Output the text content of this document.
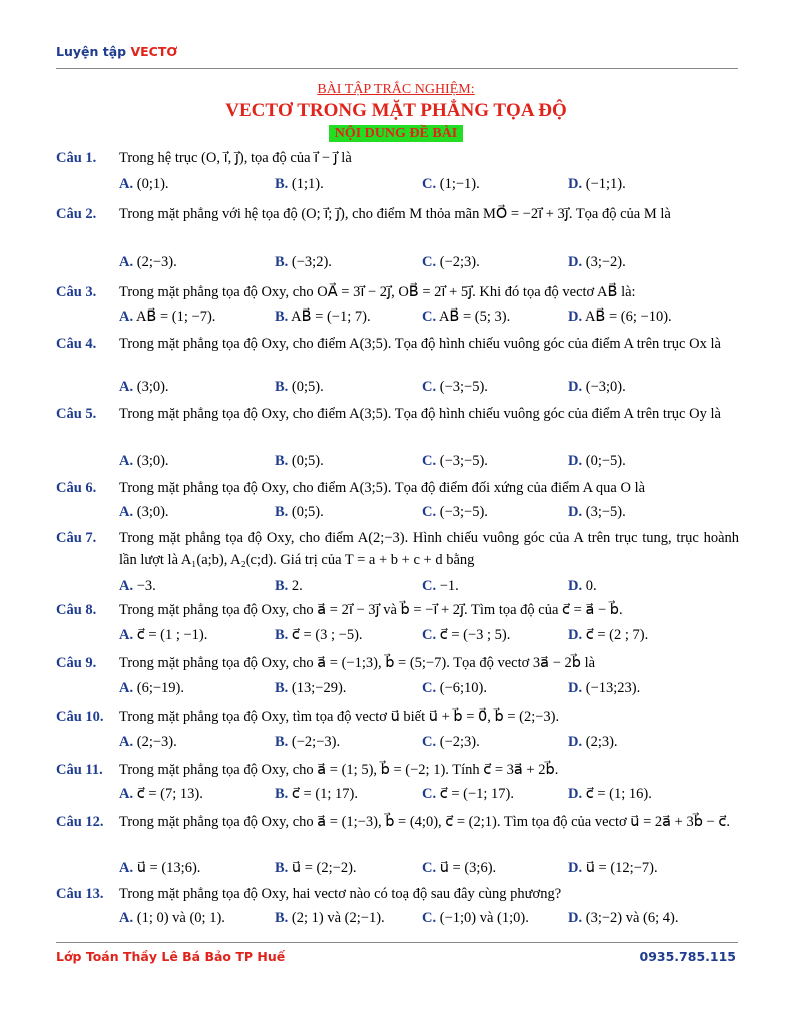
Luyện tập VECTƠ
BÀI TẬP TRẮC NGHIỆM:
VECTƠ TRONG MẶT PHẲNG TỌA ĐỘ
NỘI DUNG ĐỀ BÀI
Câu 1. Trong hệ trục (O, i⃗, j⃗), tọa độ của i⃗ − j⃗ là
A. (0;1).	B. (1;1).	C. (1;−1).	D. (−1;1).
Câu 2. Trong mặt phẳng với hệ tọa độ (O; i⃗; j⃗), cho điểm M thỏa mãn MO⃗ = −2i⃗ + 3j⃗. Tọa độ của M là
A. (2;−3).	B. (−3;2).	C. (−2;3).	D. (3;−2).
Câu 3. Trong mặt phẳng tọa độ Oxy, cho OA⃗ = 3i⃗ − 2j⃗, OB⃗ = 2i⃗ + 5j⃗. Khi đó tọa độ vectơ AB⃗ là:
A. AB⃗ = (1; −7).	B. AB⃗ = (−1; 7).	C. AB⃗ = (5; 3).	D. AB⃗ = (6; −10).
Câu 4. Trong mặt phẳng tọa độ Oxy, cho điểm A(3;5). Tọa độ hình chiếu vuông góc của điểm A trên trục Ox là
A. (3;0).	B. (0;5).	C. (−3;−5).	D. (−3;0).
Câu 5. Trong mặt phẳng tọa độ Oxy, cho điểm A(3;5). Tọa độ hình chiếu vuông góc của điểm A trên trục Oy là
A. (3;0).	B. (0;5).	C. (−3;−5).	D. (0;−5).
Câu 6. Trong mặt phẳng tọa độ Oxy, cho điểm A(3;5). Tọa độ điểm đối xứng của điểm A qua O là
A. (3;0).	B. (0;5).	C. (−3;−5).	D. (3;−5).
Câu 7. Trong mặt phẳng tọa độ Oxy, cho điểm A(2;−3). Hình chiếu vuông góc của A trên trục tung, trục hoành lần lượt là A₁(a;b), A₂(c;d). Giá trị của T = a + b + c + d bằng
A. −3.	B. 2.	C. −1.	D. 0.
Câu 8. Trong mặt phẳng tọa độ Oxy, cho a⃗ = 2i⃗ − 3j⃗ và b⃗ = −i⃗ + 2j⃗. Tìm tọa độ của c⃗ = a⃗ − b⃗.
A. c⃗ = (1 ; −1).	B. c⃗ = (3 ; −5).	C. c⃗ = (−3 ; 5).	D. c⃗ = (2 ; 7).
Câu 9. Trong mặt phẳng tọa độ Oxy, cho a⃗ = (−1;3), b⃗ = (5;−7). Tọa độ vectơ 3a⃗ − 2b⃗ là
A. (6;−19).	B. (13;−29).	C. (−6;10).	D. (−13;23).
Câu 10. Trong mặt phẳng tọa độ Oxy, tìm tọa độ vectơ u⃗ biết u⃗ + b⃗ = 0⃗, b⃗ = (2;−3).
A. (2;−3).	B. (−2;−3).	C. (−2;3).	D. (2;3).
Câu 11. Trong mặt phẳng tọa độ Oxy, cho a⃗ = (1; 5), b⃗ = (−2; 1). Tính c⃗ = 3a⃗ + 2b⃗.
A. c⃗ = (7; 13).	B. c⃗ = (1; 17).	C. c⃗ = (−1; 17).	D. c⃗ = (1; 16).
Câu 12. Trong mặt phẳng tọa độ Oxy, cho a⃗ = (1;−3), b⃗ = (4;0), c⃗ = (2;1). Tìm tọa độ của vectơ u⃗ = 2a⃗ + 3b⃗ − c⃗.
A. u⃗ = (13;6).	B. u⃗ = (2;−2).	C. u⃗ = (3;6).	D. u⃗ = (12;−7).
Câu 13. Trong mặt phẳng tọa độ Oxy, hai vectơ nào có toạ độ sau đây cùng phương?
A. (1; 0) và (0; 1).	B. (2; 1) và (2;−1).	C. (−1;0) và (1;0).	D. (3;−2) và (6; 4).
Lớp Toán Thầy Lê Bá Bảo TP Huế	0935.785.115
